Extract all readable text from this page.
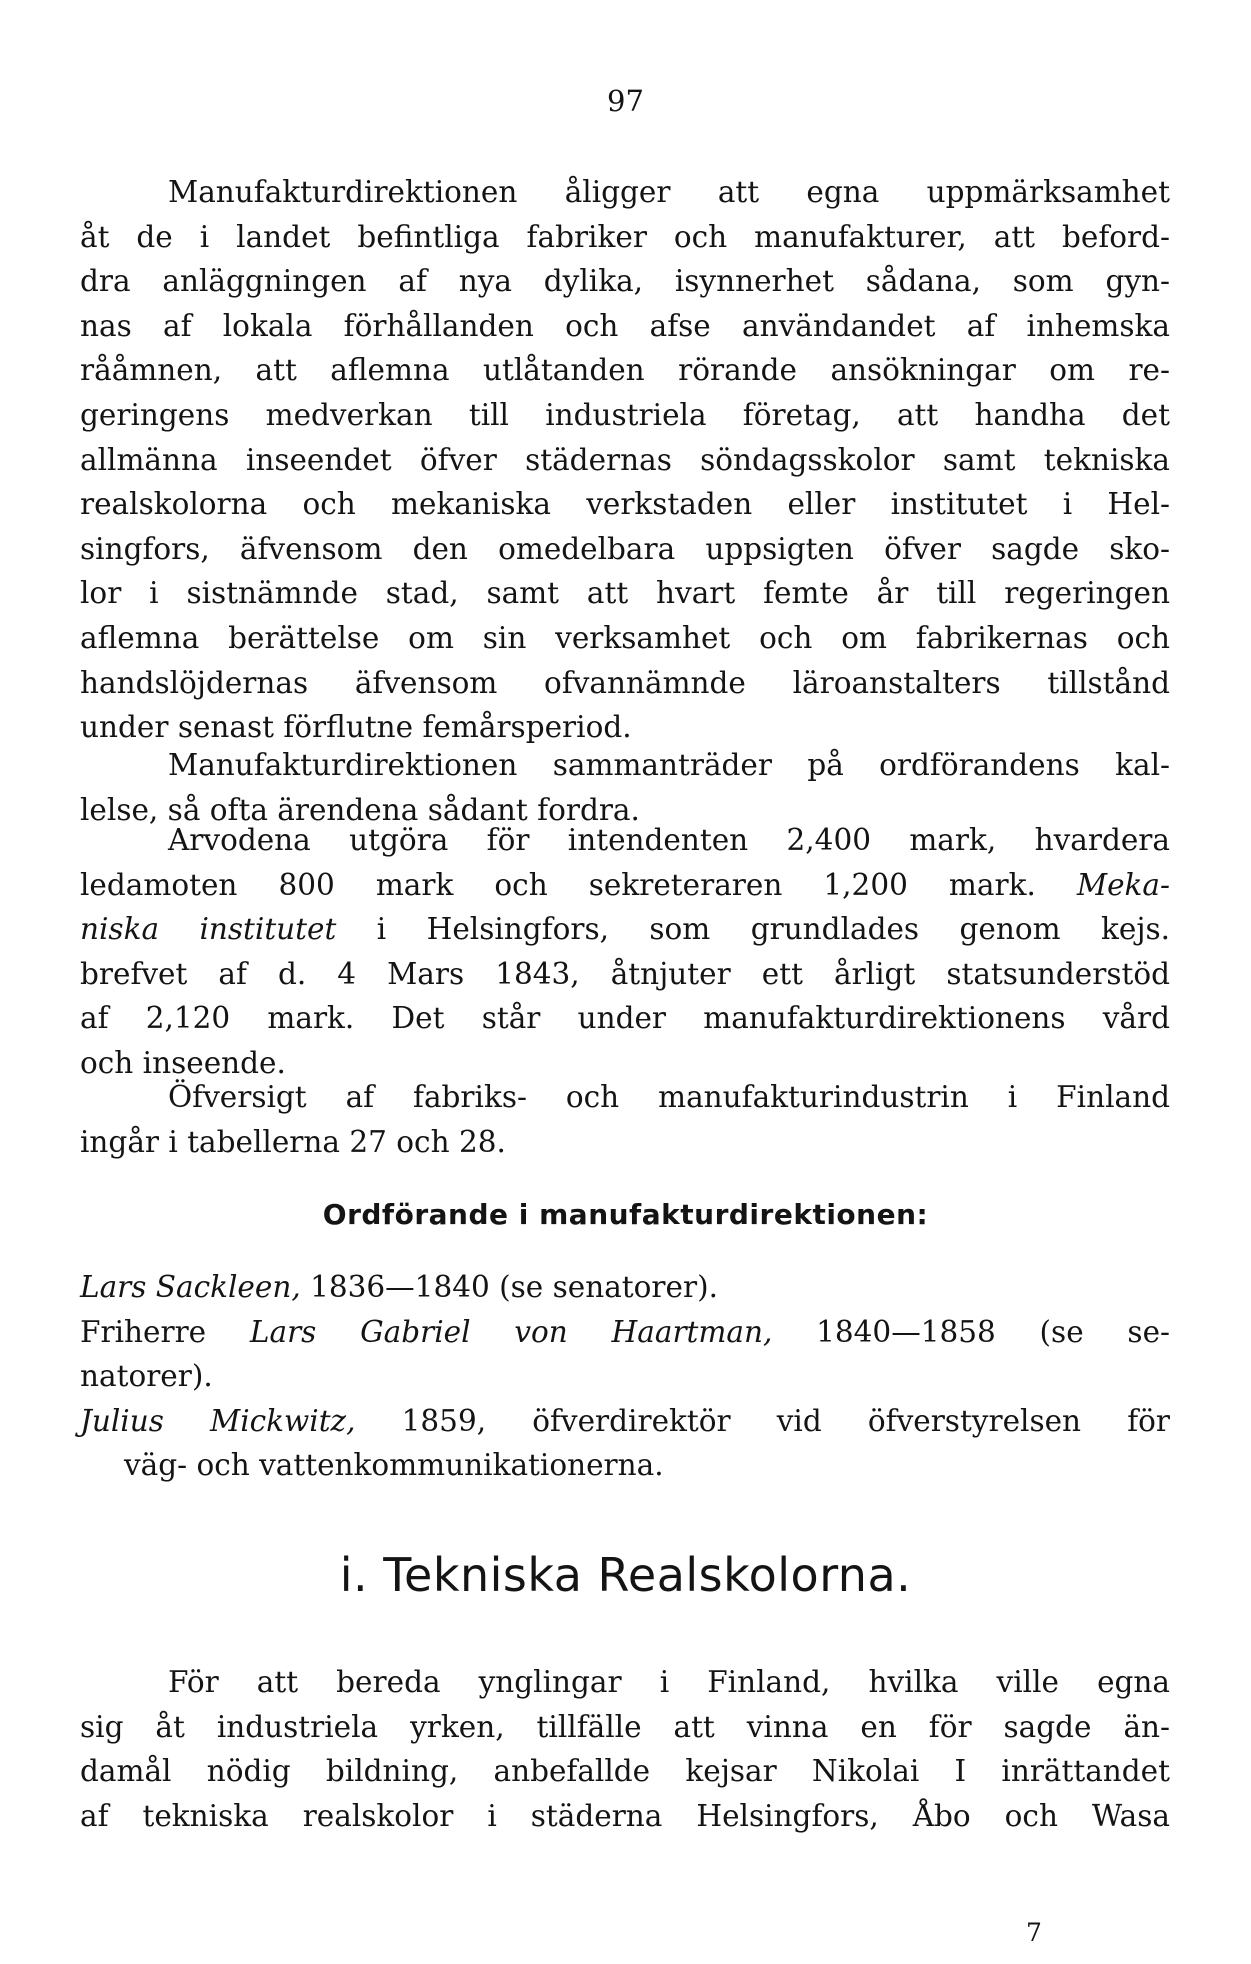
97
Manufakturdirektionen åligger att egna uppmärksamhet
åt de i landet befintliga fabriker och manufakturer, att beford-
dra anläggningen af nya dylika, isynnerhet sådana, som gyn-
nas af lokala förhållanden och afse användandet af inhemska
rååmnen, att aflemna utlåtanden rörande ansökningar om re-
geringens medverkan till industriela företag, att handha det
allmänna inseendet öfver städernas söndagsskolor samt tekniska
realskolorna och mekaniska verkstaden eller institutet i Hel-
singfors, äfvensom den omedelbara uppsigten öfver sagde sko-
lor i sistnämnde stad, samt att hvart femte år till regeringen
aflemna berättelse om sin verksamhet och om fabrikernas och
handslöjdernas äfvensom ofvannämnde läroanstalters tillstånd
under senast förflutne femårsperiod.
Manufakturdirektionen sammanträder på ordförandens kal-
lelse, så ofta ärendena sådant fordra.
Arvodena utgöra för intendenten 2,400 mark, hvardera
ledamoten 800 mark och sekreteraren 1,200 mark. Meka-
niska institutet i Helsingfors, som grundlades genom kejs.
brefvet af d. 4 Mars 1843, åtnjuter ett årligt statsunderstöd
af 2,120 mark. Det står under manufakturdirektionens vård
och inseende.
Öfversigt af fabriks- och manufakturindustrin i Finland
ingår i tabellerna 27 och 28.
Ordförande i manufakturdirektionen:
Lars Sackleen, 1836—1840 (se senatorer).
Friherre Lars Gabriel von Haartman, 1840—1858 (se se-
natorer).
Julius Mickwitz, 1859, öfverdirektör vid öfverstyrelsen för
väg- och vattenkommunikationerna.
i. Tekniska Realskolorna.
För att bereda ynglingar i Finland, hvilka ville egna
sig åt industriela yrken, tillfälle att vinna en för sagde än-
damål nödig bildning, anbefallde kejsar Nikolai I inrättandet
af tekniska realskolor i städerna Helsingfors, Åbo och Wasa
7
